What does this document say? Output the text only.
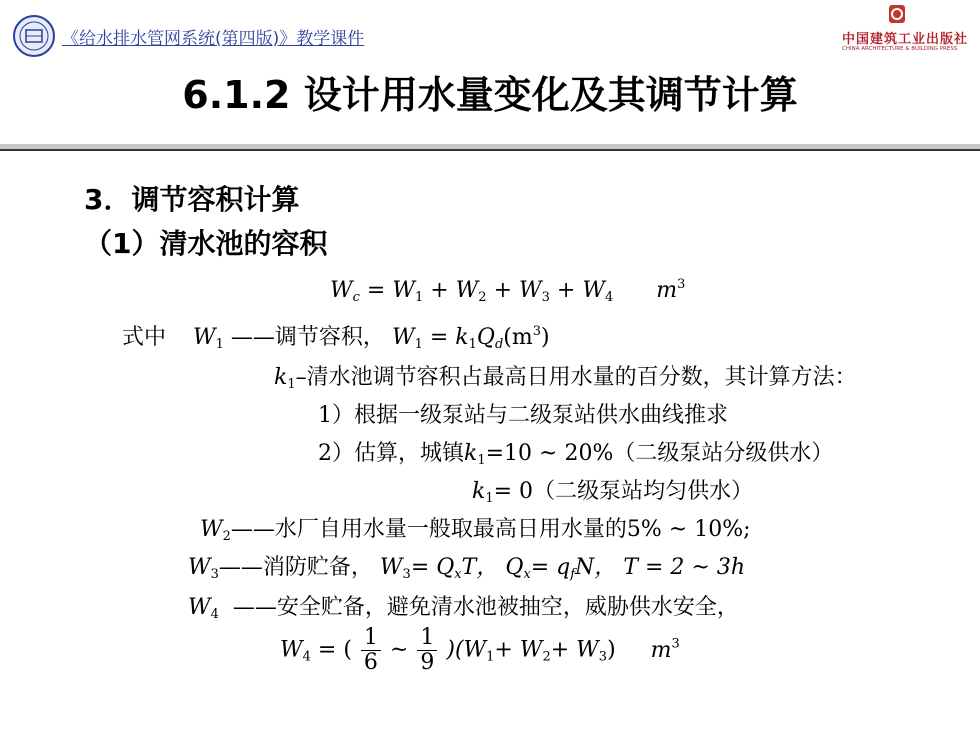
《给水排水管网系统(第四版)》教学课件	中国建筑工业出版社
CHINA ARCHITECTURE & BUILDING PRESS
6.1.2 设计用水量变化及其调节计算
3．调节容积计算
（1）清水池的容积
$W_c = W_1 + W_2 + W_3 + W_4$ $m^3$
式中 $W_1$ ——调节容积， $W_1 = k_1Q_d(m^3)$
$k_1-$清水池调节容积占最高日用水量的百分数，其计算方法：
1）根据一级泵站与二级泵站供水曲线推求
2）估算，城镇$k_1=10$ ~ 20%（二级泵站分级供水）
$k_1= 0$（二级泵站均匀供水）
$W_2——$水厂自用水量一般取最高日用水量的5% ~ 10%;
$W_3——$消防贮备， $W_3= Q_xT$， $Q_x= q_fN$， T = 2 ~ 3h
$W_4$ ——安全贮备，避免清水池被抽空，威胁供水安全，
$W_4$ = ( $\frac{1}{6}$ ~ $\frac{1}{9} )(W_1+ W_2+ W_3)$ $m^3$
